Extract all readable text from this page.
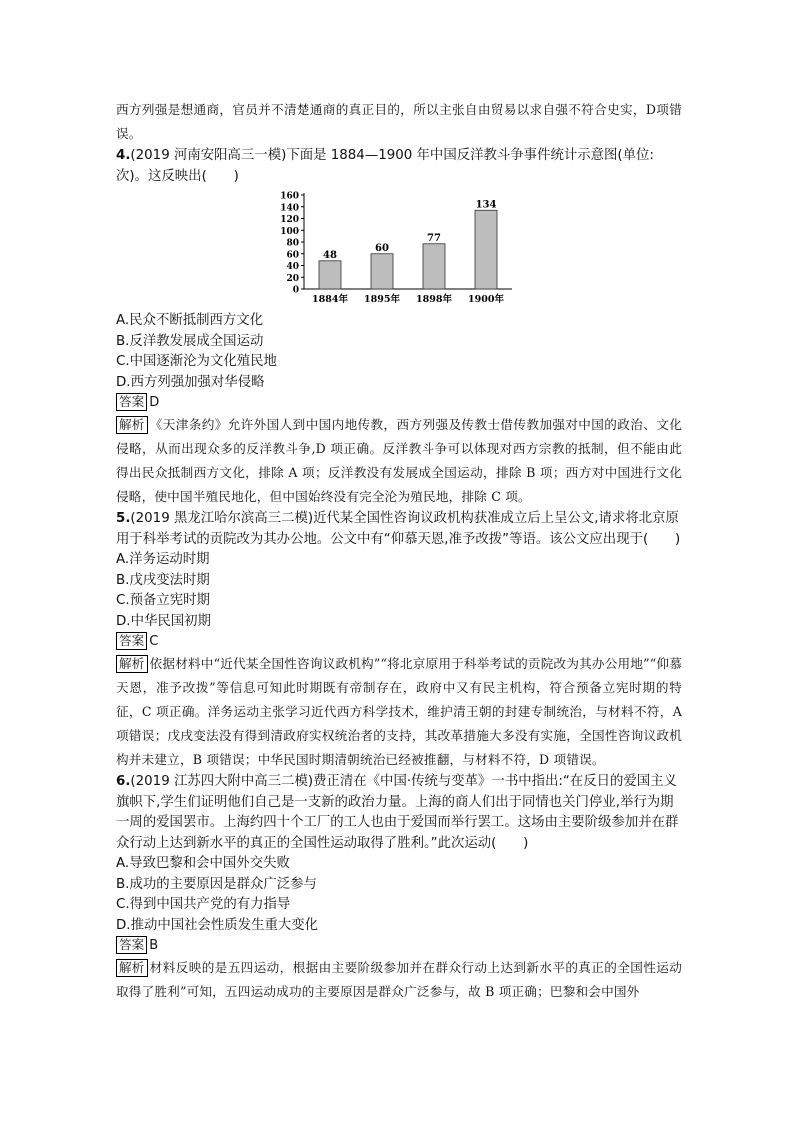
西方列强是想通商，官员并不清楚通商的真正目的，所以主张自由贸易以求自强不符合史实，D项错误。

4.(2019 河南安阳高三一模)下面是 1884—1900 年中国反洋教斗争事件统计示意图(单位:次)。这反映出(　　)

0
20
40
60
80
100
120
140
160
48
1884年
60
1895年
77
1898年
134
1900年

A.民众不断抵制西方文化

B.反洋教发展成全国运动

C.中国逐渐沦为文化殖民地

D.西方列强加强对华侵略

答案 D

解析 《天津条约》允许外国人到中国内地传教，西方列强及传教士借传教加强对中国的政治、文化侵略，从而出现众多的反洋教斗争,D 项正确。反洋教斗争可以体现对西方宗教的抵制，但不能由此得出民众抵制西方文化，排除 A 项；反洋教没有发展成全国运动，排除 B 项；西方对中国进行文化侵略，使中国半殖民地化，但中国始终没有完全沦为殖民地，排除 C 项。

5.(2019 黑龙江哈尔滨高三二模)近代某全国性咨询议政机构获准成立后上呈公文,请求将北京原用于科举考试的贡院改为其办公地。公文中有“仰慕天恩,准予改拨”等语。该公文应出现于(　　)

A.洋务运动时期

B.戊戌变法时期

C.预备立宪时期

D.中华民国初期

答案 C

解析 依据材料中“近代某全国性咨询议政机构”“将北京原用于科举考试的贡院改为其办公用地”“仰慕天恩，准予改拨”等信息可知此时期既有帝制存在，政府中又有民主机构，符合预备立宪时期的特征，C 项正确。洋务运动主张学习近代西方科学技术，维护清王朝的封建专制统治，与材料不符，A 项错误；戊戌变法没有得到清政府实权统治者的支持，其改革措施大多没有实施，全国性咨询议政机构并未建立，B 项错误；中华民国时期清朝统治已经被推翻，与材料不符，D 项错误。

6.(2019 江苏四大附中高三二模)费正清在《中国·传统与变革》一书中指出:“在反日的爱国主义旗帜下,学生们证明他们自己是一支新的政治力量。上海的商人们出于同情也关门停业,举行为期一周的爱国罢市。上海约四十个工厂的工人也由于爱国而举行罢工。这场由主要阶级参加并在群众行动上达到新水平的真正的全国性运动取得了胜利。”此次运动(　　)

A.导致巴黎和会中国外交失败

B.成功的主要原因是群众广泛参与

C.得到中国共产党的有力指导

D.推动中国社会性质发生重大变化

答案 B

解析 材料反映的是五四运动，根据由主要阶级参加并在群众行动上达到新水平的真正的全国性运动取得了胜利”可知，五四运动成功的主要原因是群众广泛参与，故 B 项正确；巴黎和会中国外
